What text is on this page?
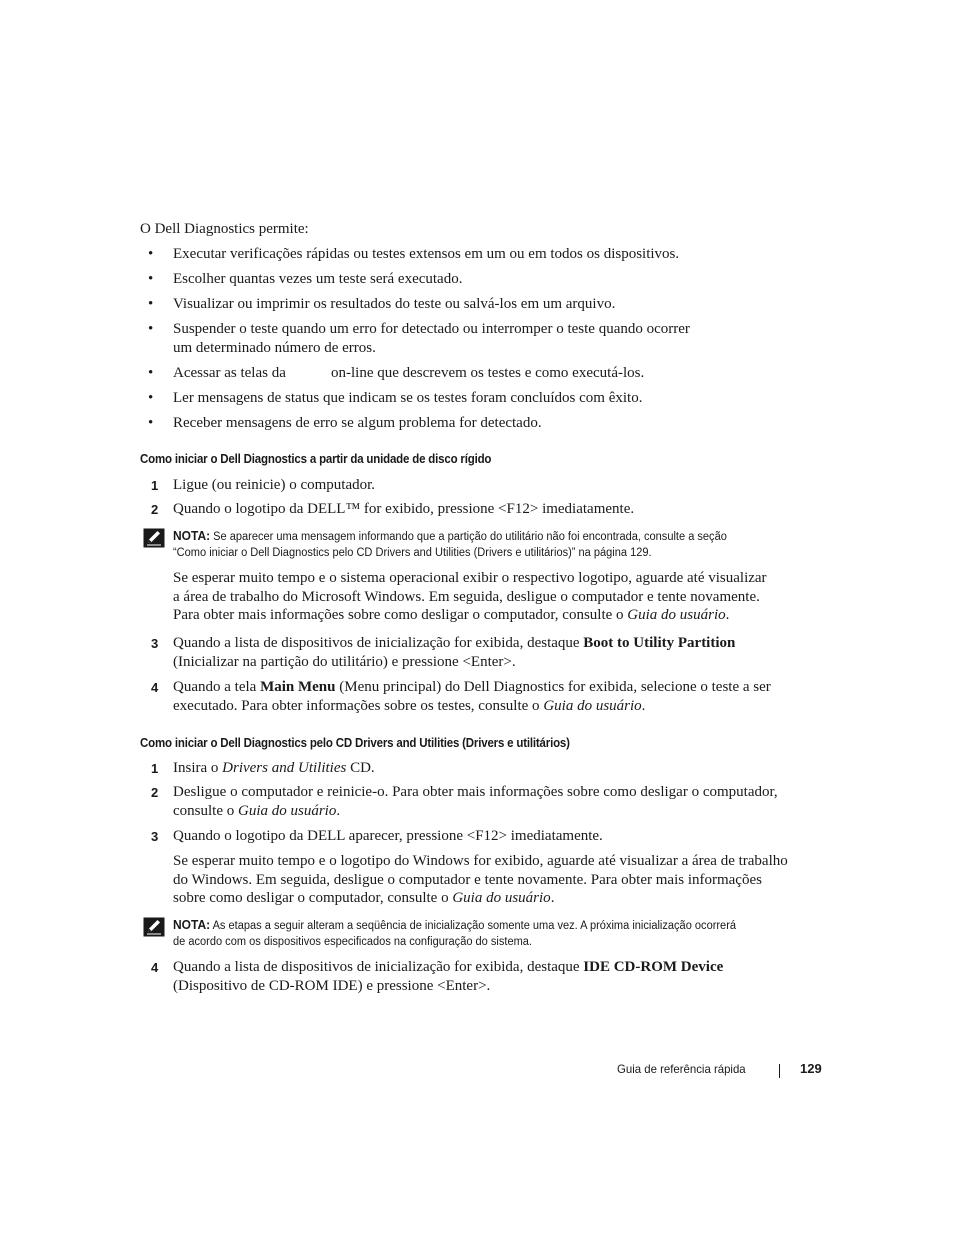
O Dell Diagnostics permite:
•	Executar verificações rápidas ou testes extensos em um ou em todos os dispositivos.
•	Escolher quantas vezes um teste será executado.
•	Visualizar ou imprimir os resultados do teste ou salvá-los em um arquivo.
•	Suspender o teste quando um erro for detectado ou interromper o teste quando ocorrer
um determinado número de erros.
•	Acessar as telas da	on-line que descrevem os testes e como executá-los.
•	Ler mensagens de status que indicam se os testes foram concluídos com êxito.
•	Receber mensagens de erro se algum problema for detectado.
Como iniciar o Dell Diagnostics a partir da unidade de disco rígido
1 Ligue (ou reinicie) o computador.
2 Quando o logotipo da DELL™ for exibido, pressione <F12> imediatamente.
NOTA: Se aparecer uma mensagem informando que a partição do utilitário não foi encontrada, consulte a seção
“Como iniciar o Dell Diagnostics pelo CD Drivers and Utilities (Drivers e utilitários)” na página 129.
Se esperar muito tempo e o sistema operacional exibir o respectivo logotipo, aguarde até visualizar
a área de trabalho do Microsoft Windows. Em seguida, desligue o computador e tente novamente.
Para obter mais informações sobre como desligar o computador, consulte o Guia do usuário.
3 Quando a lista de dispositivos de inicialização for exibida, destaque Boot to Utility Partition
(Inicializar na partição do utilitário) e pressione <Enter>.
4 Quando a tela Main Menu (Menu principal) do Dell Diagnostics for exibida, selecione o teste a ser
executado. Para obter informações sobre os testes, consulte o Guia do usuário.
Como iniciar o Dell Diagnostics pelo CD Drivers and Utilities (Drivers e utilitários)
1 Insira o Drivers and Utilities CD.
2 Desligue o computador e reinicie-o. Para obter mais informações sobre como desligar o computador,
consulte o Guia do usuário.
3 Quando o logotipo da DELL aparecer, pressione <F12> imediatamente.
Se esperar muito tempo e o logotipo do Windows for exibido, aguarde até visualizar a área de trabalho
do Windows. Em seguida, desligue o computador e tente novamente. Para obter mais informações
sobre como desligar o computador, consulte o Guia do usuário.
NOTA: As etapas a seguir alteram a seqüência de inicialização somente uma vez. A próxima inicialização ocorrerá
de acordo com os dispositivos especificados na configuração do sistema.
4 Quando a lista de dispositivos de inicialização for exibida, destaque IDE CD-ROM Device
(Dispositivo de CD-ROM IDE) e pressione <Enter>.
Guia de referência rápida	129
